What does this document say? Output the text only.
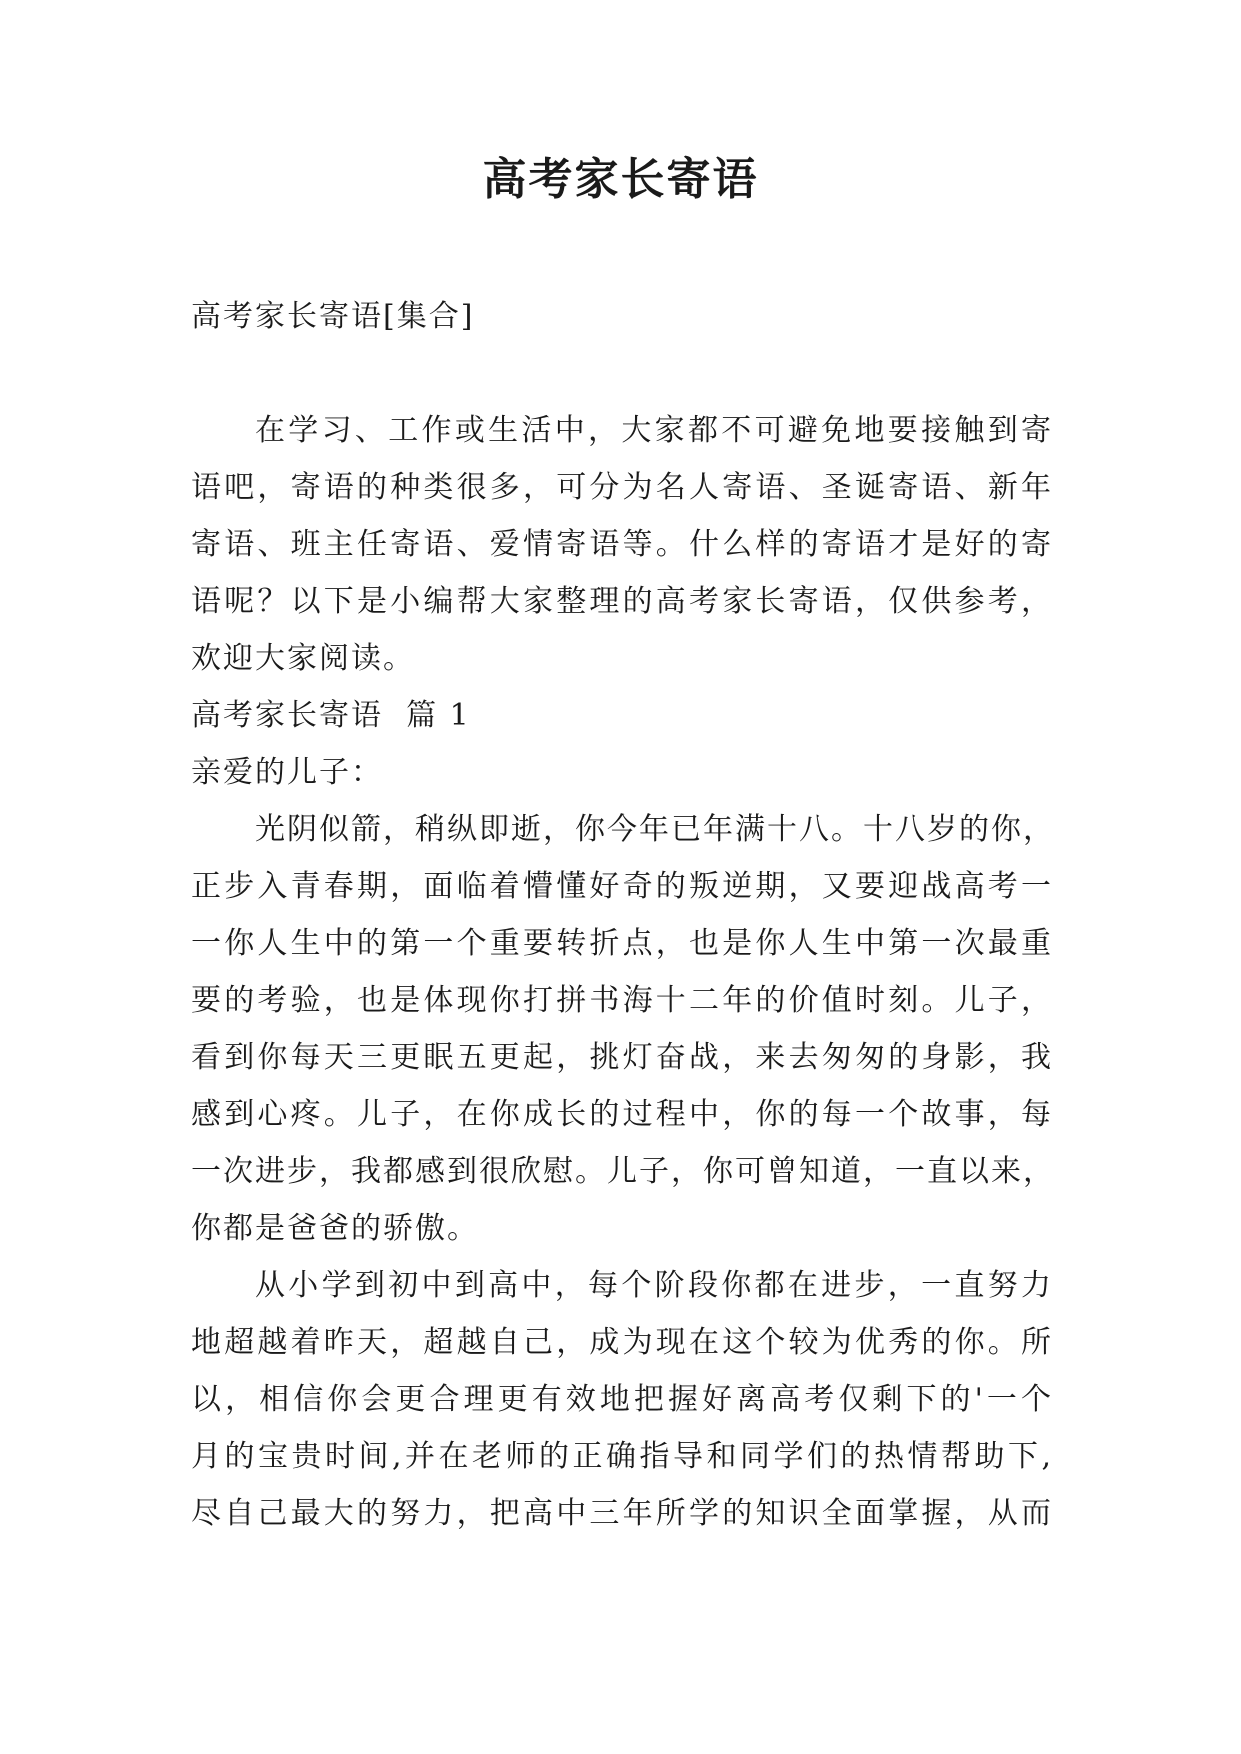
高考家长寄语

高考家长寄语[集合]

在学习、工作或生活中，大家都不可避免地要接触到寄

语吧，寄语的种类很多，可分为名人寄语、圣诞寄语、新年

寄语、班主任寄语、爱情寄语等。什么样的寄语才是好的寄

语呢？以下是小编帮大家整理的高考家长寄语，仅供参考，

欢迎大家阅读。

高考家长寄语  篇 1

亲爱的儿子：

光阴似箭，稍纵即逝，你今年已年满十八。十八岁的你，

正步入青春期，面临着懵懂好奇的叛逆期，又要迎战高考一

一你人生中的第一个重要转折点，也是你人生中第一次最重

要的考验，也是体现你打拼书海十二年的价值时刻。儿子，

看到你每天三更眠五更起，挑灯奋战，来去匆匆的身影，我

感到心疼。儿子，在你成长的过程中，你的每一个故事，每

一次进步，我都感到很欣慰。儿子，你可曾知道，一直以来，

你都是爸爸的骄傲。

从小学到初中到高中，每个阶段你都在进步，一直努力

地超越着昨天，超越自己，成为现在这个较为优秀的你。所

以，相信你会更合理更有效地把握好离高考仅剩下的'一个

月的宝贵时间,并在老师的正确指导和同学们的热情帮助下,

尽自己最大的努力，把高中三年所学的知识全面掌握，从而
